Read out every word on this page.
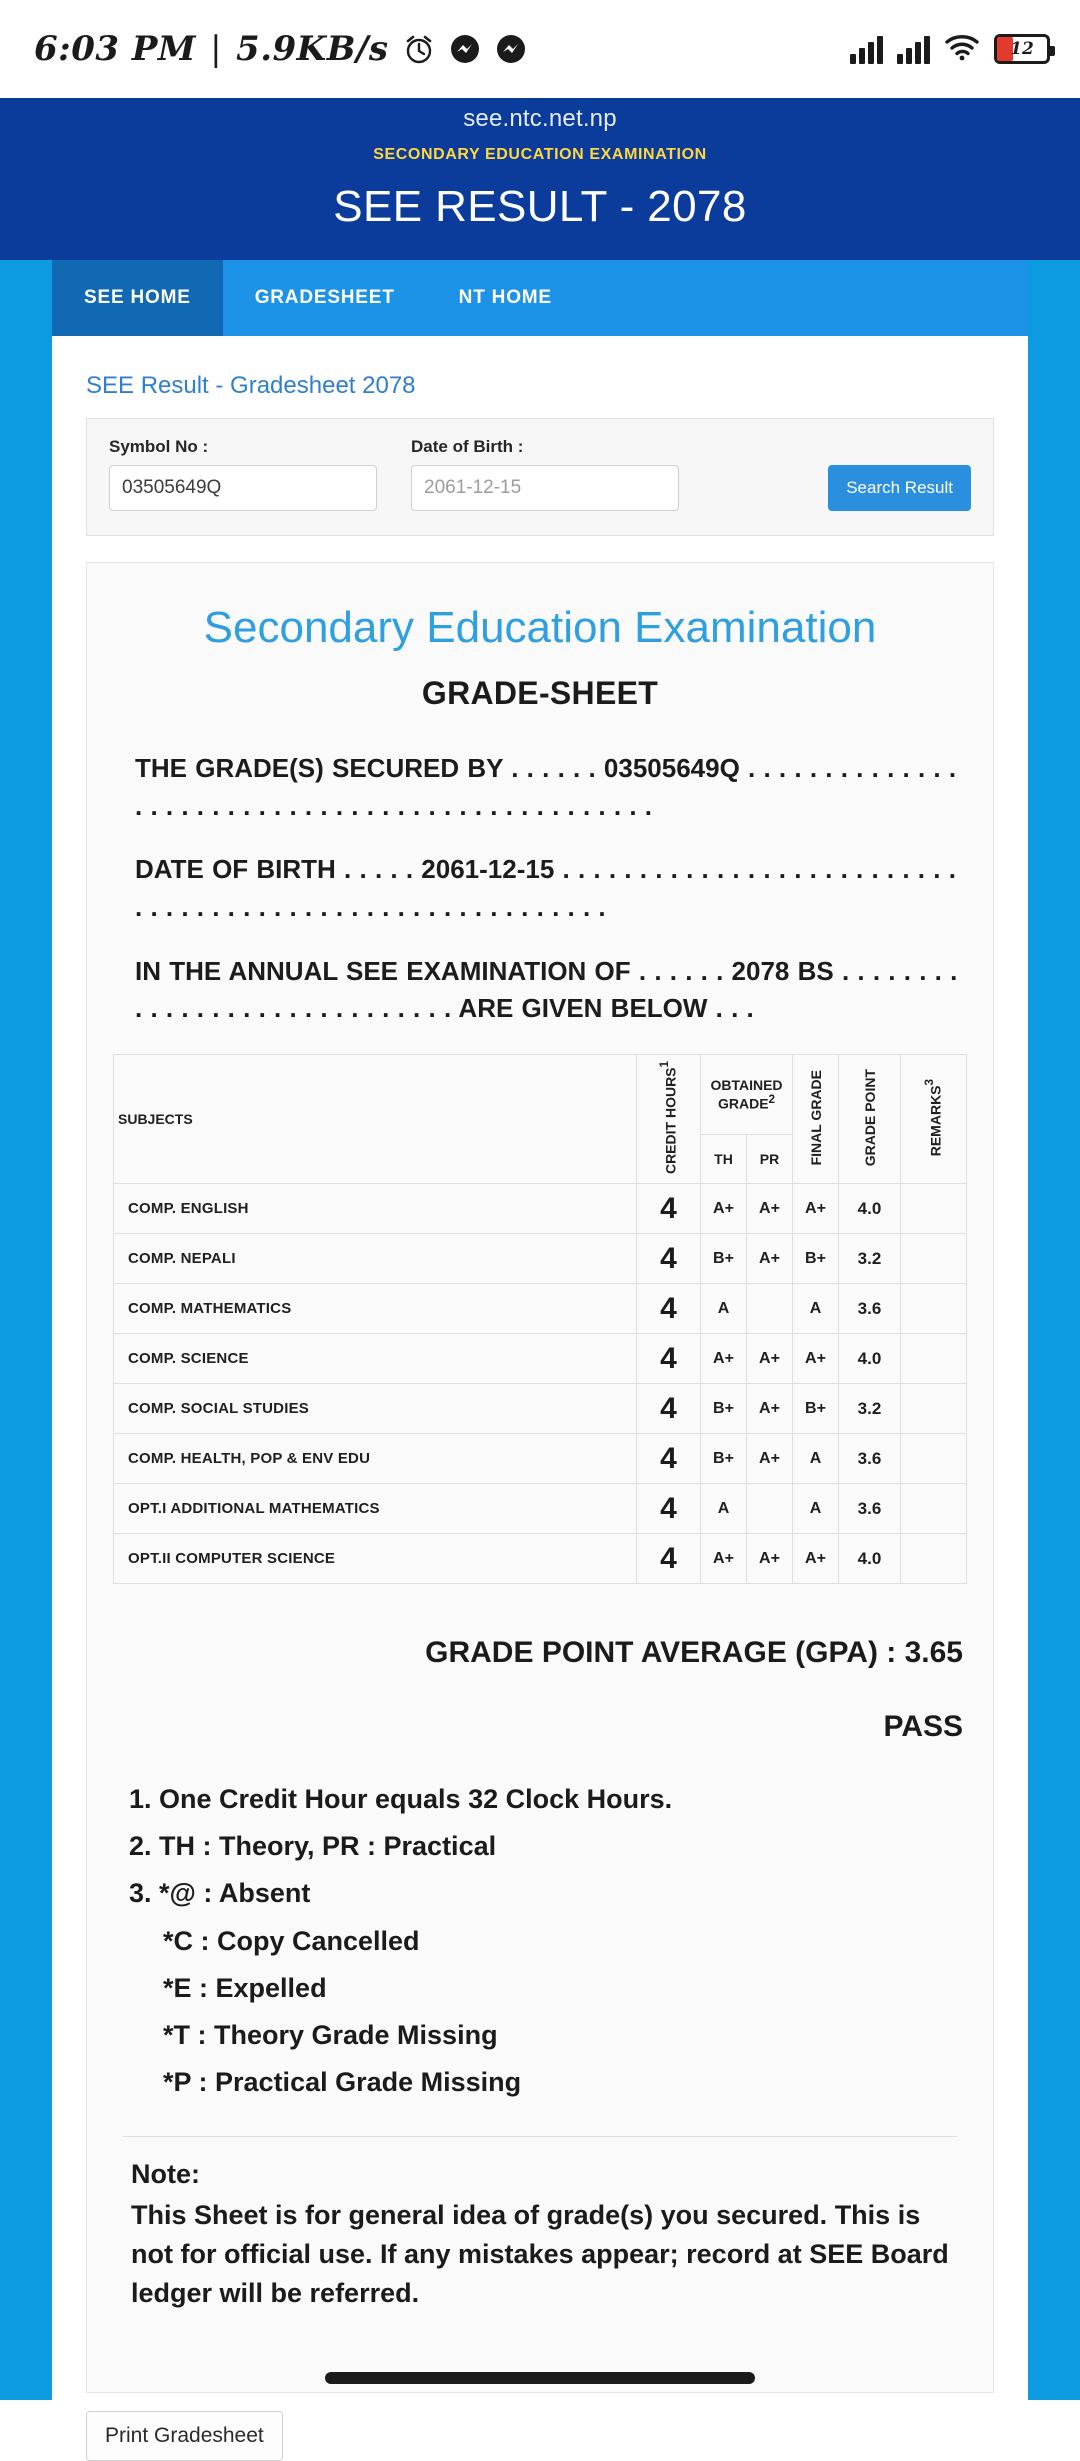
6:03 PM | 5.9KB/s	12
see.ntc.net.np
SECONDARY EDUCATION EXAMINATION
SEE RESULT - 2078
SEE HOME	GRADESHEET	NT HOME
SEE Result - Gradesheet 2078
Symbol No :
03505649Q	Date of Birth :
2061-12-15
Search Result
Secondary Education Examination
GRADE-SHEET

THE GRADE(S) SECURED BY . . . . . . 03505649Q . . . . . . . . . . . . . . . . . . . . . . . . . . . . . . . . . . . . . . . . . . . . . . . .

DATE OF BIRTH . . . . . 2061-12-15 . . . . . . . . . . . . . . . . . . . . . . . . . . . . . . . . . . . . . . . . . . . . . . . . . . . . . . . . .

IN THE ANNUAL SEE EXAMINATION OF . . . . . . 2078 BS . . . . . . . . . . . . . . . . . . . . . . . . . . . . . ARE GIVEN BELOW . . .

SUBJECTS	CREDIT HOURS$^1$	OBTAINED GRADE$^2$		FINAL GRADE	GRADE POINT	REMARKS$^3$
		TH	PR			
COMP. ENGLISH	4	A+	A+	A+	4.0	
COMP. NEPALI	4	B+	A+	B+	3.2	
COMP. MATHEMATICS	4	A		A	3.6	
COMP. SCIENCE	4	A+	A+	A+	4.0	
COMP. SOCIAL STUDIES	4	B+	A+	B+	3.2	
COMP. HEALTH, POP & ENV EDU	4	B+	A+	A	3.6	
OPT.I ADDITIONAL MATHEMATICS	4	A		A	3.6	
OPT.II COMPUTER SCIENCE	4	A+	A+	A+	4.0	
GRADE POINT AVERAGE (GPA) : 3.65
PASS
1. One Credit Hour equals 32 Clock Hours.
2. TH : Theory, PR : Practical
3. *@ : Absent
*C : Copy Cancelled
*E : Expelled
*T : Theory Grade Missing
*P : Practical Grade Missing
Note:
This Sheet is for general idea of grade(s) you secured. This is not for official use. If any mistakes appear; record at SEE Board ledger will be referred.
Print Gradesheet
